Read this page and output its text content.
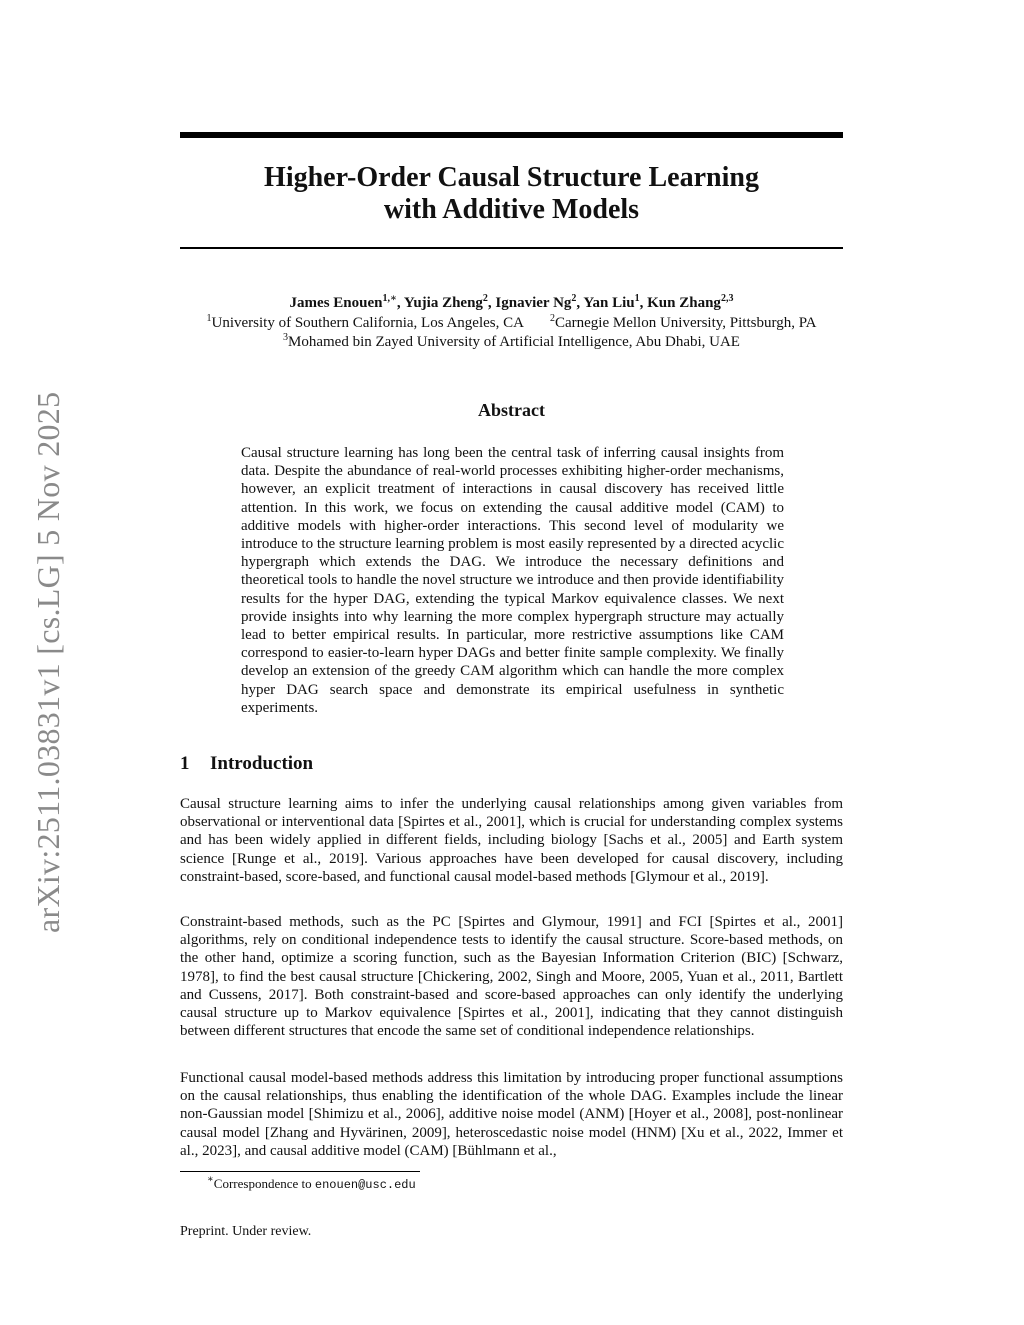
arXiv:2511.03831v1 [cs.LG] 5 Nov 2025
Higher-Order Causal Structure Learning
with Additive Models
James Enouen$^{1,∗}$, Yujia Zheng$^2$, Ignavier Ng$^2$, Yan Liu$^1$, Kun Zhang$^{2,3}$
$^1$University of Southern California, Los Angeles, CA	$^2$Carnegie Mellon University, Pittsburgh, PA
$^3$Mohamed bin Zayed University of Artificial Intelligence, Abu Dhabi, UAE
Abstract
Causal structure learning has long been the central task of inferring causal insights from data. Despite the abundance of real-world processes exhibiting higher-order mechanisms, however, an explicit treatment of interactions in causal discovery has received little attention. In this work, we focus on extending the causal additive model (CAM) to additive models with higher-order interactions. This second level of modularity we introduce to the structure learning problem is most easily represented by a directed acyclic hypergraph which extends the DAG. We introduce the necessary definitions and theoretical tools to handle the novel structure we introduce and then provide identifiability results for the hyper DAG, extending the typical Markov equivalence classes. We next provide insights into why learning the more complex hypergraph structure may actually lead to better empirical results. In particular, more restrictive assumptions like CAM correspond to easier-to-learn hyper DAGs and better finite sample complexity. We finally develop an extension of the greedy CAM algorithm which can handle the more complex hyper DAG search space and demonstrate its empirical usefulness in synthetic experiments.
1 Introduction

Causal structure learning aims to infer the underlying causal relationships among given variables from observational or interventional data [Spirtes et al., 2001], which is crucial for understanding complex systems and has been widely applied in different fields, including biology [Sachs et al., 2005] and Earth system science [Runge et al., 2019]. Various approaches have been developed for causal discovery, including constraint-based, score-based, and functional causal model-based methods [Glymour et al., 2019].

Constraint-based methods, such as the PC [Spirtes and Glymour, 1991] and FCI [Spirtes et al., 2001] algorithms, rely on conditional independence tests to identify the causal structure. Score-based methods, on the other hand, optimize a scoring function, such as the Bayesian Information Criterion (BIC) [Schwarz, 1978], to find the best causal structure [Chickering, 2002, Singh and Moore, 2005, Yuan et al., 2011, Bartlett and Cussens, 2017]. Both constraint-based and score-based approaches can only identify the underlying causal structure up to Markov equivalence [Spirtes et al., 2001], indicating that they cannot distinguish between different structures that encode the same set of conditional independence relationships.

Functional causal model-based methods address this limitation by introducing proper functional assumptions on the causal relationships, thus enabling the identification of the whole DAG. Examples include the linear non-Gaussian model [Shimizu et al., 2006], additive noise model (ANM) [Hoyer et al., 2008], post-nonlinear causal model [Zhang and Hyvärinen, 2009], heteroscedastic noise model (HNM) [Xu et al., 2022, Immer et al., 2023], and causal additive model (CAM) [Bühlmann et al.,

∗Correspondence to enouen@usc.edu
Preprint. Under review.
